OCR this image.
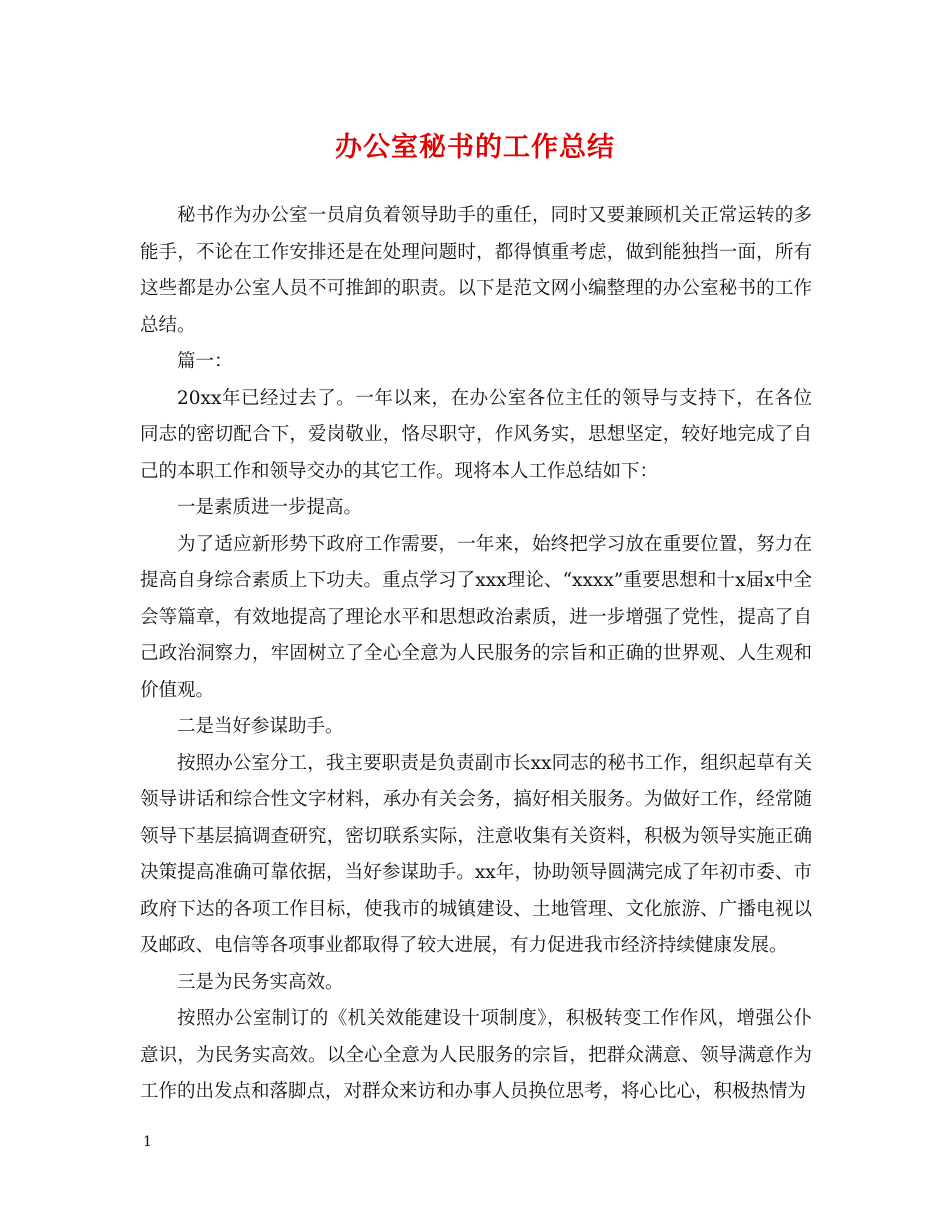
办公室秘书的工作总结

秘书作为办公室一员肩负着领导助手的重任，同时又要兼顾机关正常运转的多能手，不论在工作安排还是在处理问题时，都得慎重考虑，做到能独挡一面，所有这些都是办公室人员不可推卸的职责。以下是范文网小编整理的办公室秘书的工作总结。

篇一：

20xx年已经过去了。一年以来，在办公室各位主任的领导与支持下，在各位同志的密切配合下，爱岗敬业，恪尽职守，作风务实，思想坚定，较好地完成了自己的本职工作和领导交办的其它工作。现将本人工作总结如下：

一是素质进一步提高。

为了适应新形势下政府工作需要，一年来，始终把学习放在重要位置，努力在提高自身综合素质上下功夫。重点学习了xxx理论、“xxxx”重要思想和十x届x中全会等篇章，有效地提高了理论水平和思想政治素质，进一步增强了党性，提高了自己政治洞察力，牢固树立了全心全意为人民服务的宗旨和正确的世界观、人生观和价值观。

二是当好参谋助手。

按照办公室分工，我主要职责是负责副市长xx同志的秘书工作，组织起草有关领导讲话和综合性文字材料，承办有关会务，搞好相关服务。为做好工作，经常随领导下基层搞调查研究，密切联系实际，注意收集有关资料，积极为领导实施正确决策提高准确可靠依据，当好参谋助手。xx年，协助领导圆满完成了年初市委、市政府下达的各项工作目标，使我市的城镇建设、土地管理、文化旅游、广播电视以及邮政、电信等各项事业都取得了较大进展，有力促进我市经济持续健康发展。

三是为民务实高效。

按照办公室制订的《机关效能建设十项制度》，积极转变工作作风，增强公仆意识，为民务实高效。以全心全意为人民服务的宗旨，把群众满意、领导满意作为工作的出发点和落脚点，对群众来访和办事人员换位思考，将心比心，积极热情为

1
